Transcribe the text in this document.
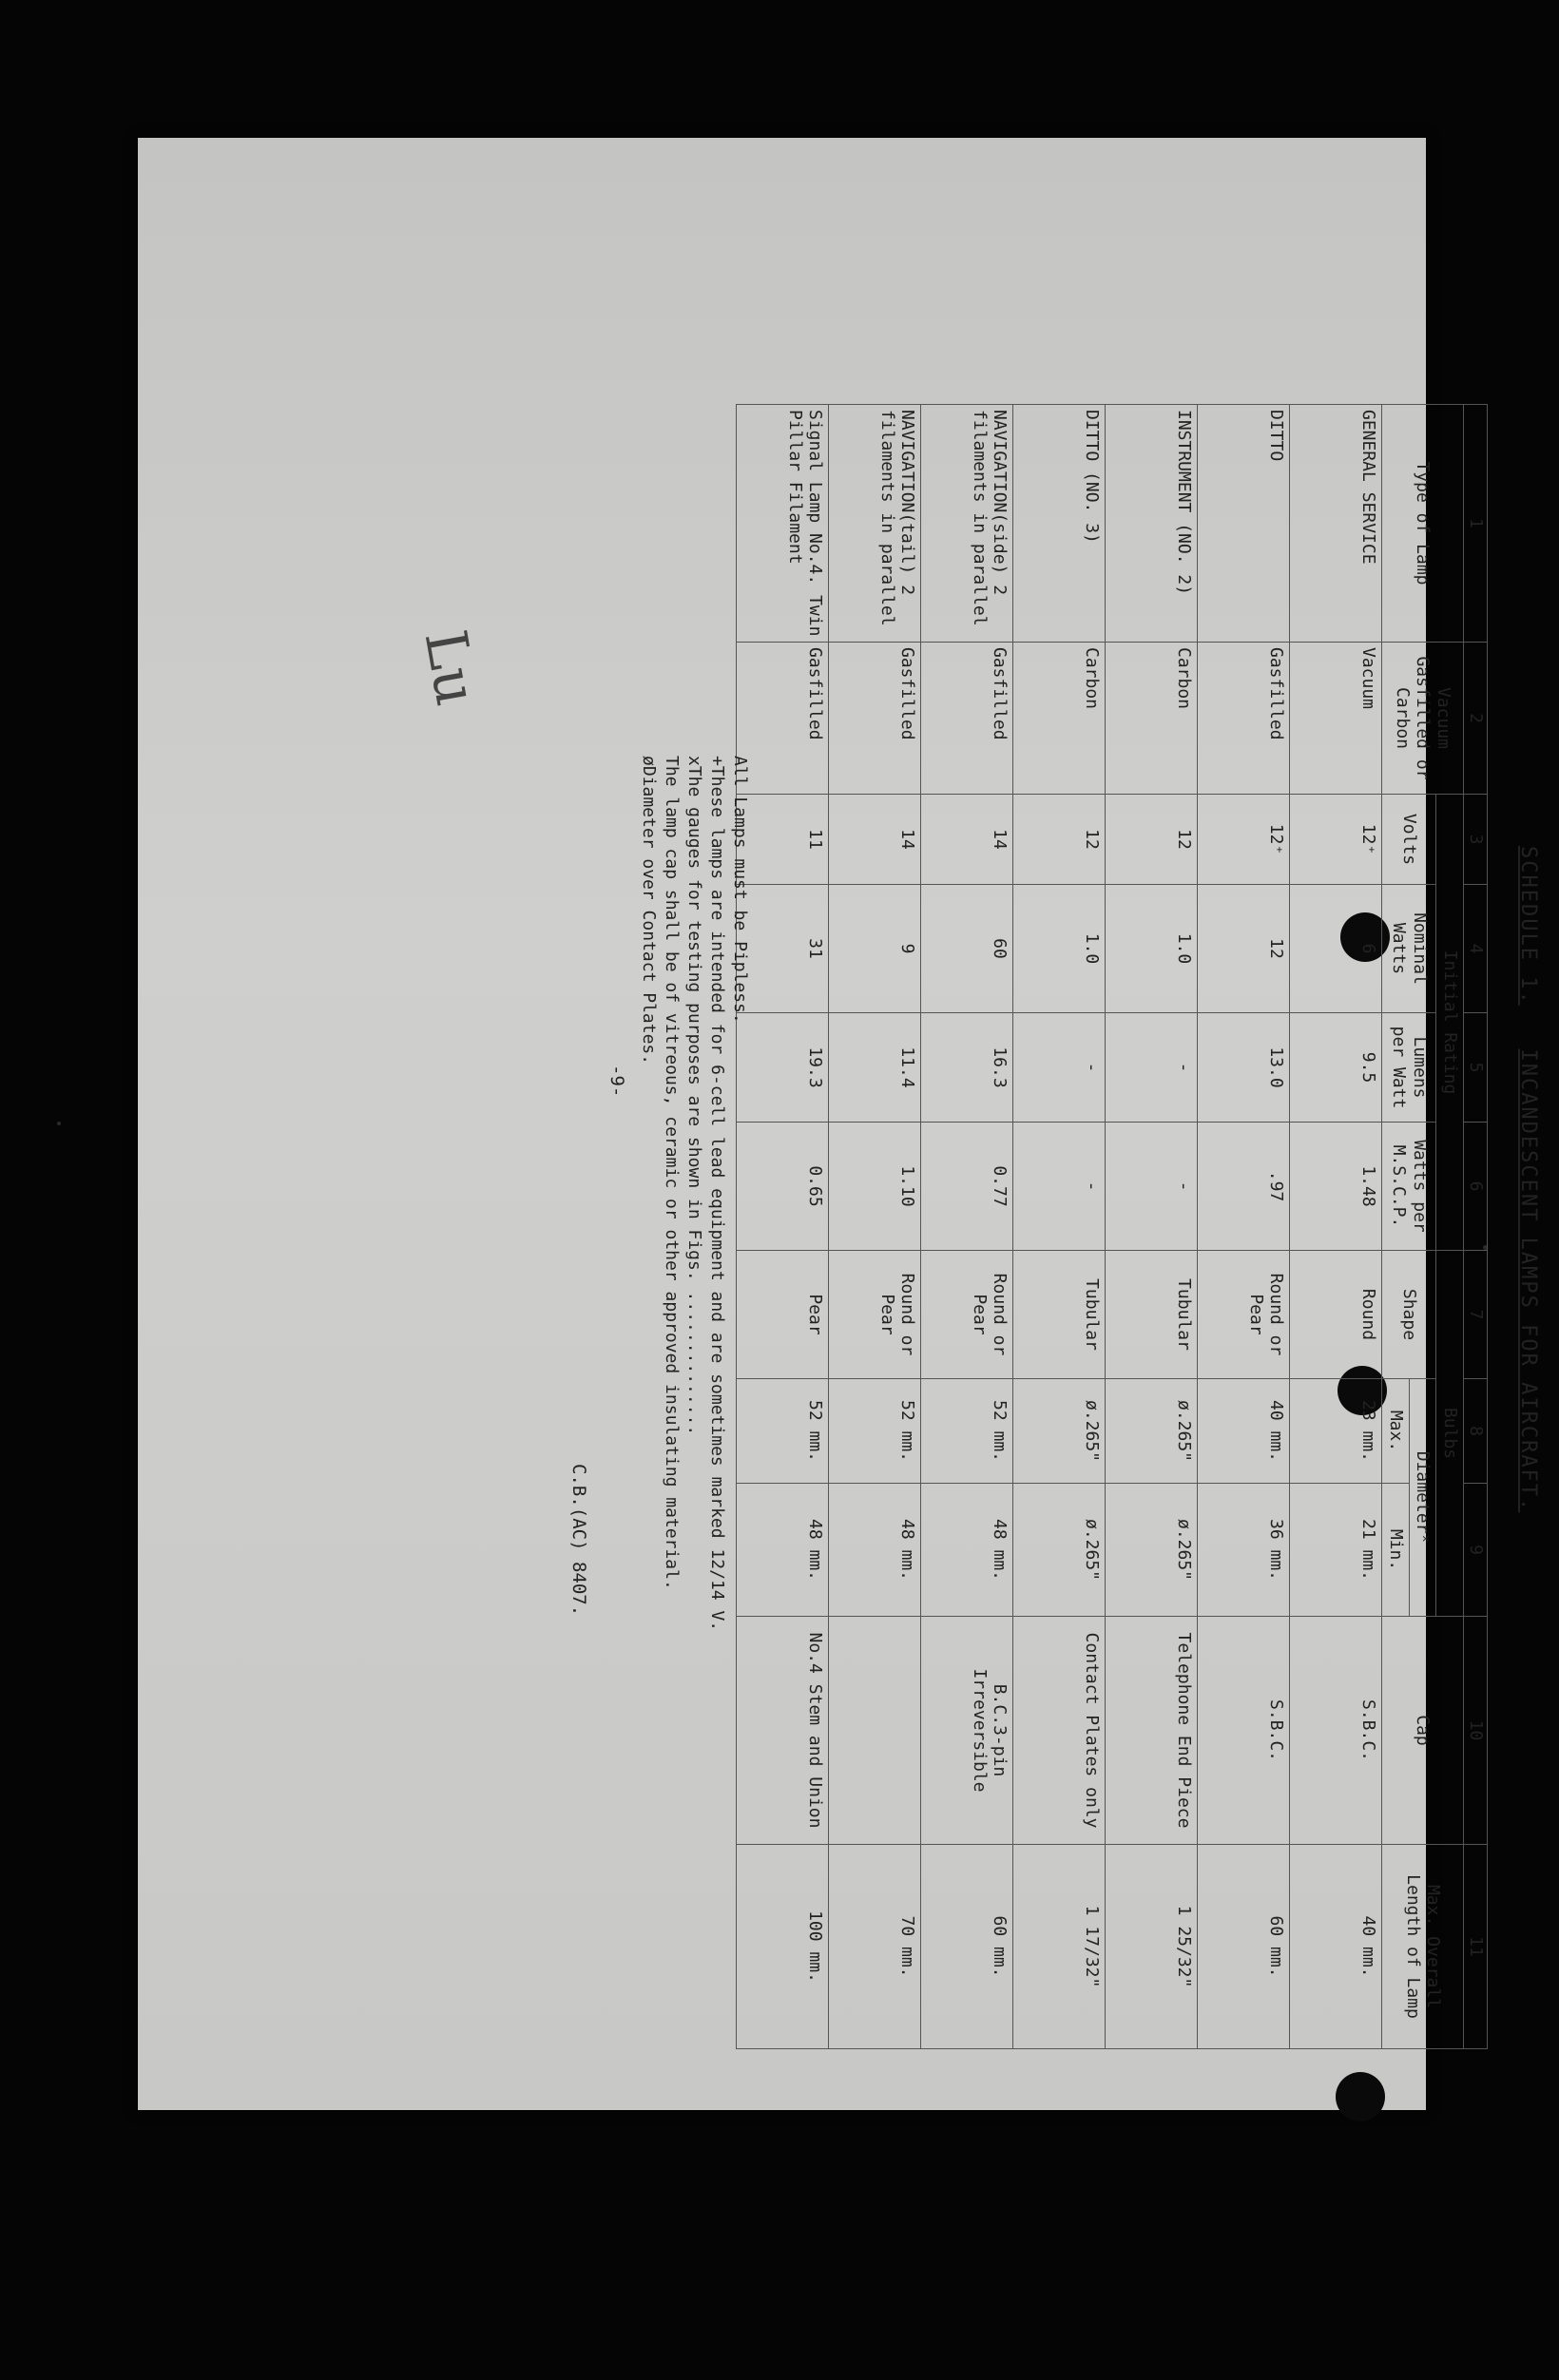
Lu
SCHEDULE 1.   INCANDESCENT LAMPS FOR AIRCRAFT.
1	2	3	4	5	6	7	8	9	10	11
Type of Lamp	Vacuum Gasfilled or Carbon	Initial Rating				Bulbs			Cap	Max. Overall Length of Lamp
		Volts	Nominal Watts	Lumens per Watt	Watts per M.S.C.P.	Shape	Diameterˣ			
							Max.	Min.		
GENERAL SERVICE	Vacuum	12⁺	6	9.5	1.48	Round	23 mm.	21 mm.	S.B.C.	40 mm.
DITTO	Gasfilled	12⁺	12	13.0	.97	Round or Pear	40 mm.	36 mm.	S.B.C.	60 mm.
INSTRUMENT (NO. 2)	Carbon	12	1.0	-	-	Tubular	ø.265"	ø.265"	Telephone End Piece	1 25/32"
DITTO (NO. 3)	Carbon	12	1.0	-	-	Tubular	ø.265"	ø.265"	Contact Plates only	1 17/32"
NAVIGATION(side) 2 filaments in parallel	Gasfilled	14	60	16.3	0.77	Round or Pear	52 mm.	48 mm.	B.C.3-pin Irreversible	60 mm.
NAVIGATION(tail) 2 filaments in parallel	Gasfilled	14	9	11.4	1.10	Round or Pear	52 mm.	48 mm.		70 mm.
Signal Lamp No.4. Twin Pillar Filament	Gasfilled	11	31	19.3	0.65	Pear	52 mm.	48 mm.	No.4 Stem and Union	100 mm.
All Lamps must be Pipless.
+These lamps are intended for 6-cell lead equipment and are sometimes marked 12/14 V.
xThe gauges for testing purposes are shown in Figs. ..............
The lamp cap shall be of vitreous, ceramic or other approved insulating material.
øDiameter over Contact Plates.
-9-
C.B.(AC) 8407.
